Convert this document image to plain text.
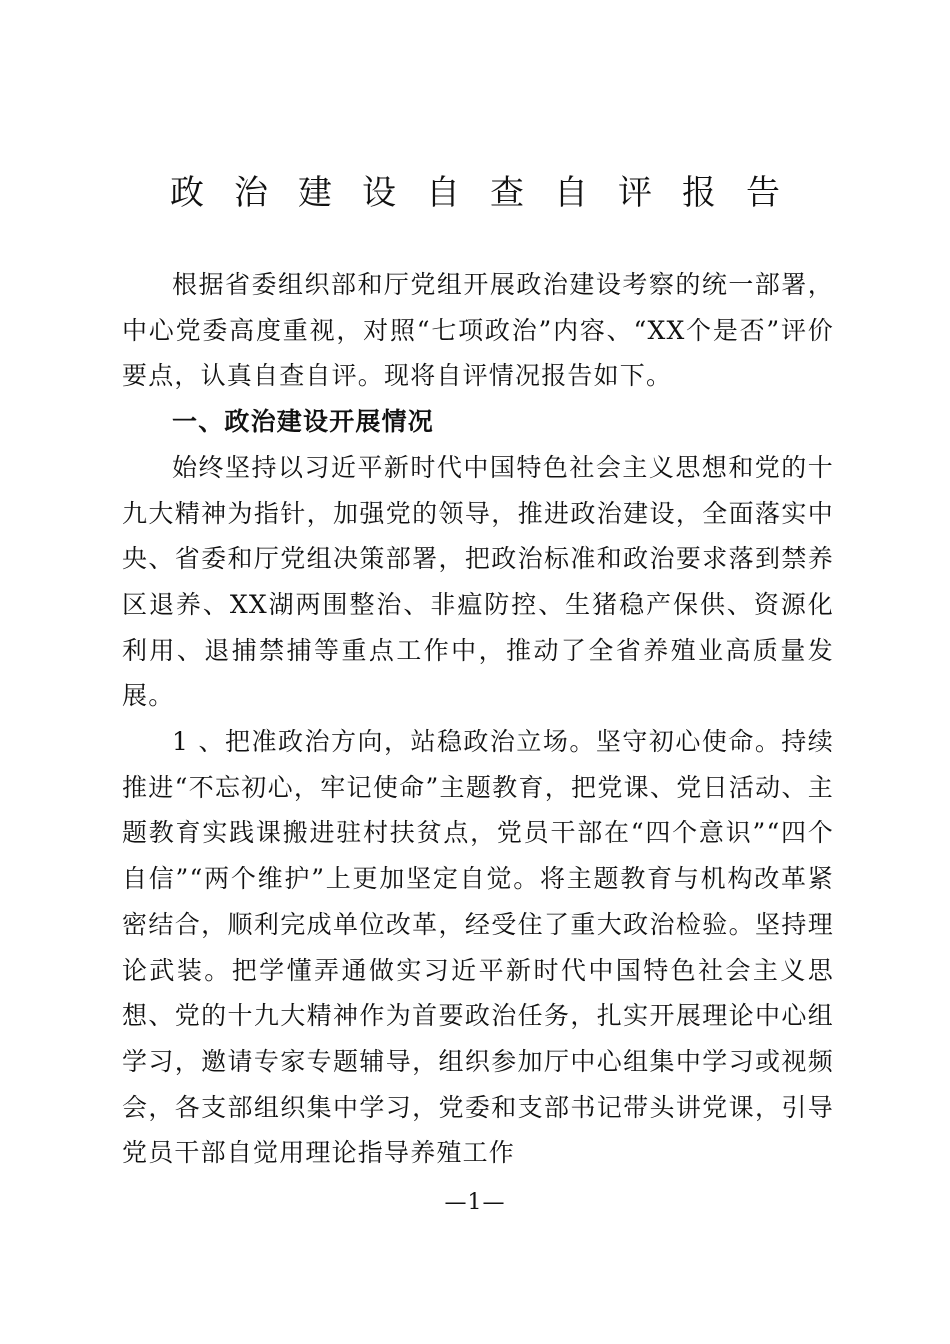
政治建设自查自评报告

根据省委组织部和厅党组开展政治建设考察的统一部署，中心党委高度重视，对照“七项政治”内容、“XX个是否”评价要点，认真自查自评。现将自评情况报告如下。

一、政治建设开展情况

始终坚持以习近平新时代中国特色社会主义思想和党的十九大精神为指针，加强党的领导，推进政治建设，全面落实中央、省委和厅党组决策部署，把政治标准和政治要求落到禁养区退养、XX湖两围整治、非瘟防控、生猪稳产保供、资源化利用、退捕禁捕等重点工作中，推动了全省养殖业高质量发展。

1 、把准政治方向，站稳政治立场。坚守初心使命。持续推进“不忘初心，牢记使命”主题教育，把党课、党日活动、主题教育实践课搬进驻村扶贫点，党员干部在“四个意识”“四个自信”“两个维护”上更加坚定自觉。将主题教育与机构改革紧密结合，顺利完成单位改革，经受住了重大政治检验。坚持理论武装。把学懂弄通做实习近平新时代中国特色社会主义思想、党的十九大精神作为首要政治任务，扎实开展理论中心组学习，邀请专家专题辅导，组织参加厅中心组集中学习或视频会，各支部组织集中学习，党委和支部书记带头讲党课，引导党员干部自觉用理论指导养殖工作

—1—
